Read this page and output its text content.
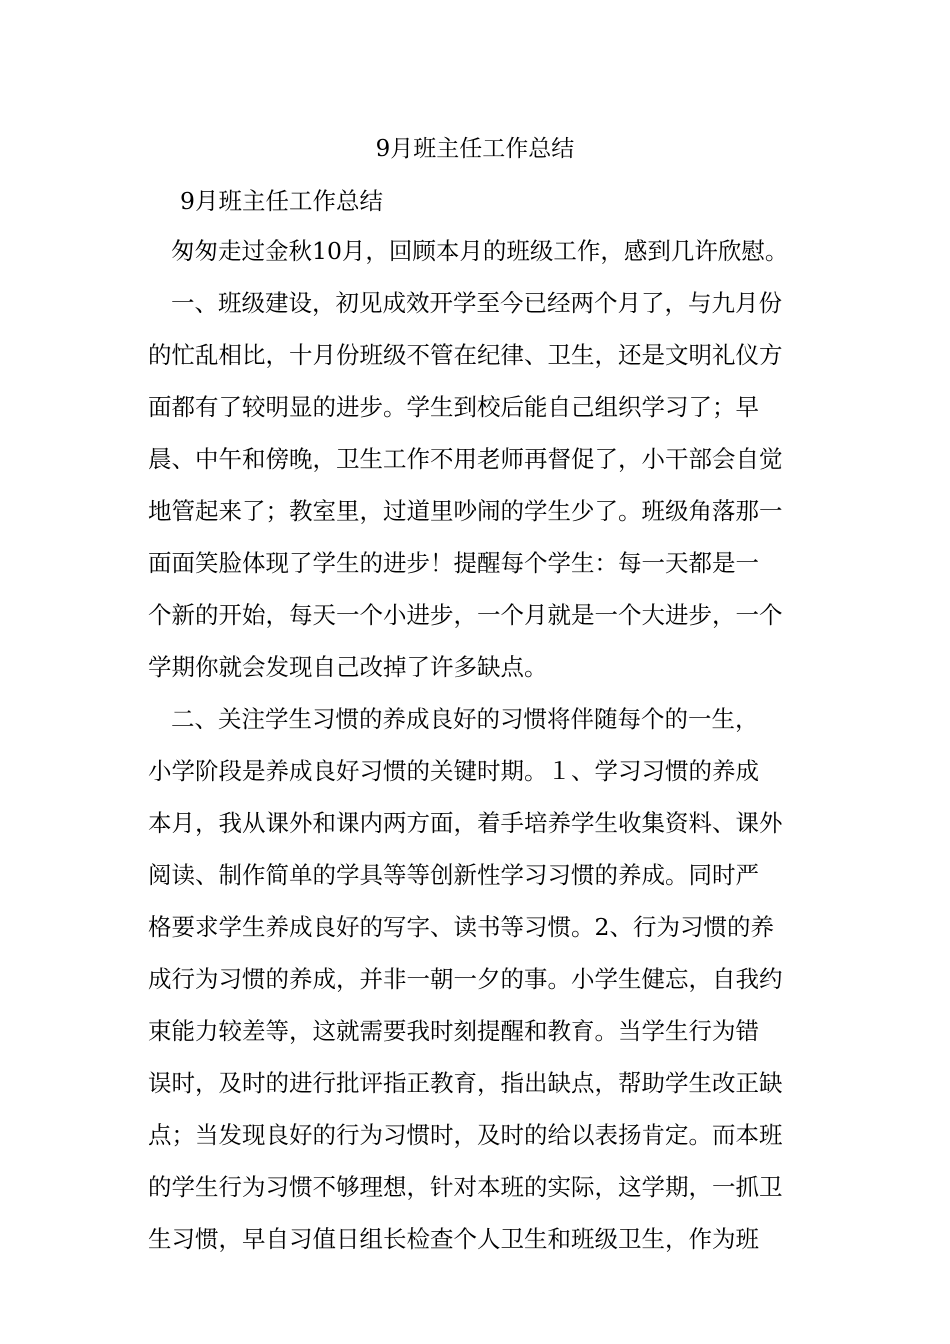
9月班主任工作总结
9月班主任工作总结
匆匆走过金秋10月，回顾本月的班级工作，感到几许欣慰。
一、班级建设，初见成效开学至今已经两个月了，与九月份
的忙乱相比，十月份班级不管在纪律、卫生，还是文明礼仪方
面都有了较明显的进步。学生到校后能自己组织学习了；早
晨、中午和傍晚，卫生工作不用老师再督促了，小干部会自觉
地管起来了；教室里，过道里吵闹的学生少了。班级角落那一
面面笑脸体现了学生的进步！提醒每个学生：每一天都是一
个新的开始，每天一个小进步，一个月就是一个大进步，一个
学期你就会发现自己改掉了许多缺点。
二、关注学生习惯的养成良好的习惯将伴随每个的一生，
小学阶段是养成良好习惯的关键时期。１、学习习惯的养成
本月，我从课外和课内两方面，着手培养学生收集资料、课外
阅读、制作简单的学具等等创新性学习习惯的养成。同时严
格要求学生养成良好的写字、读书等习惯。2、行为习惯的养
成行为习惯的养成，并非一朝一夕的事。小学生健忘，自我约
束能力较差等，这就需要我时刻提醒和教育。当学生行为错
误时，及时的进行批评指正教育，指出缺点，帮助学生改正缺
点；当发现良好的行为习惯时，及时的给以表扬肯定。而本班
的学生行为习惯不够理想，针对本班的实际，这学期，一抓卫
生习惯，早自习值日组长检查个人卫生和班级卫生，作为班
